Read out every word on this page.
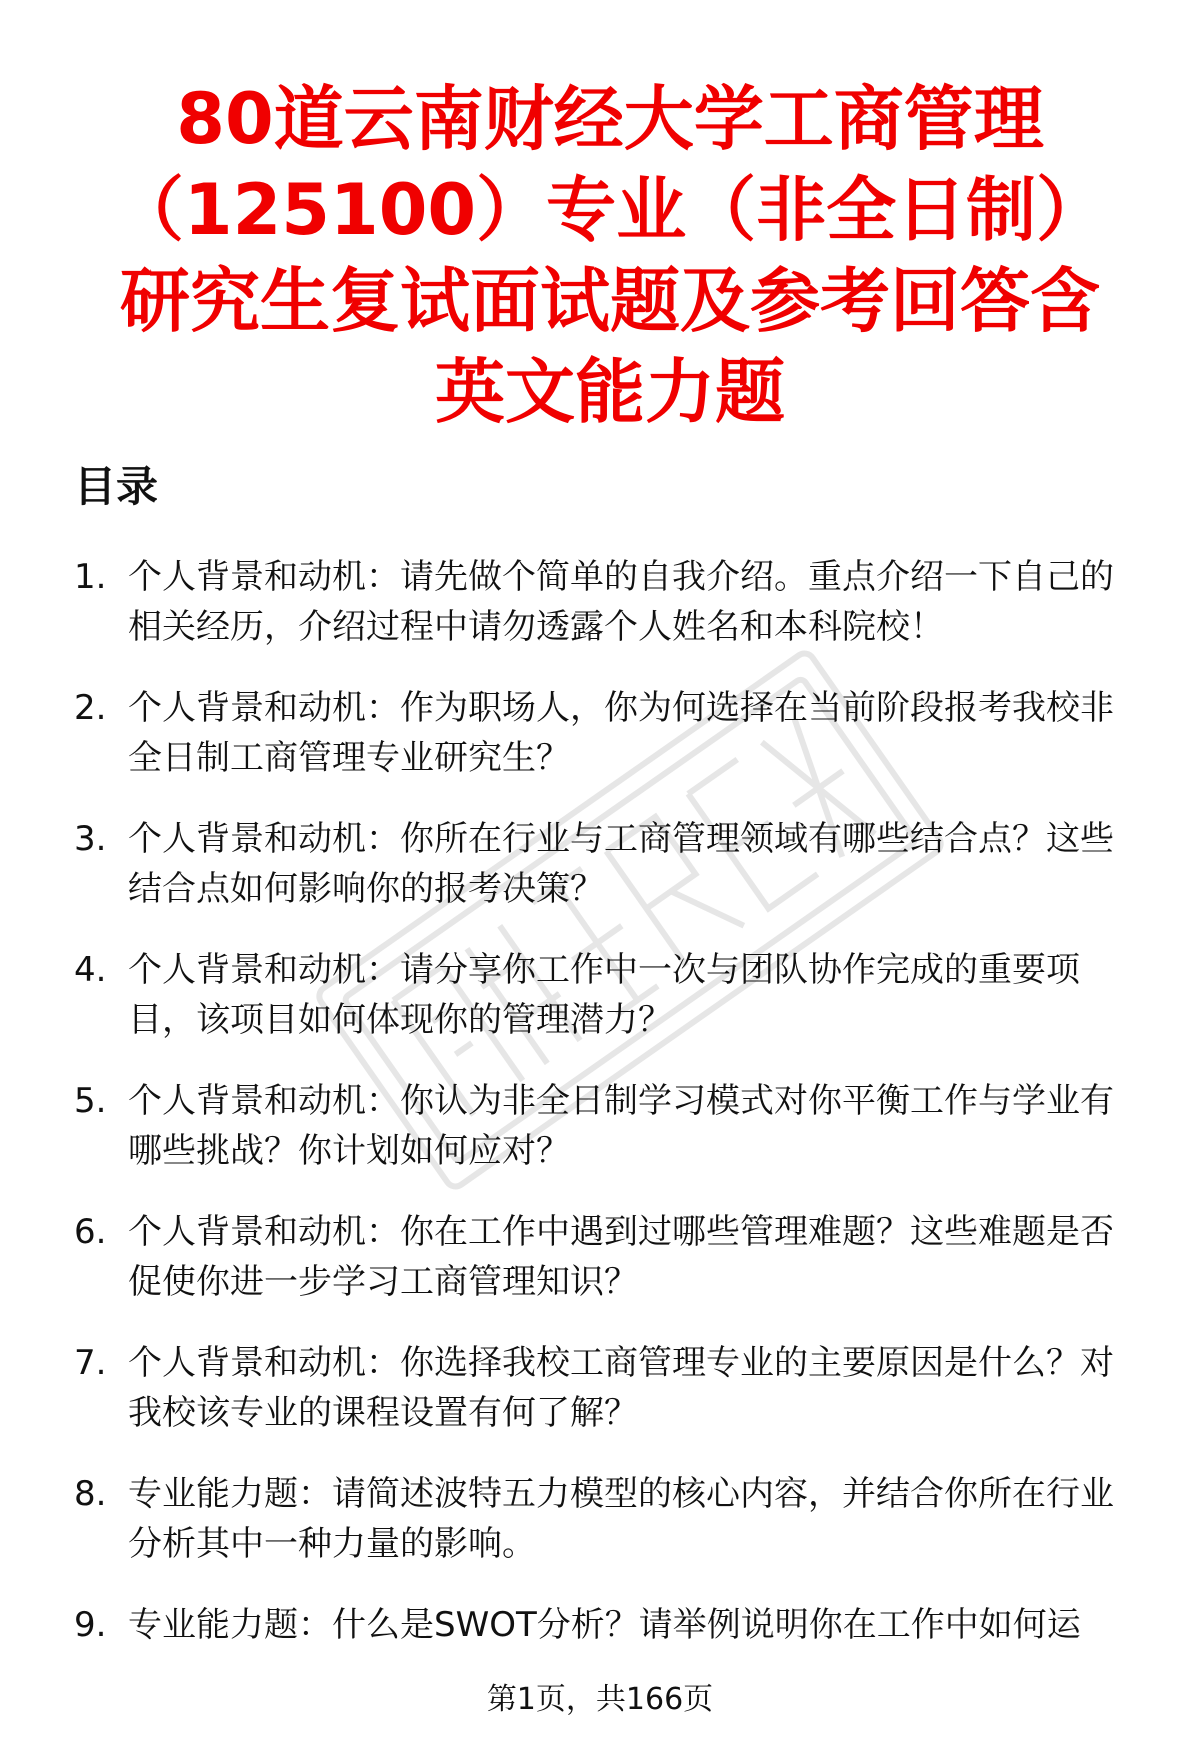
80道云南财经大学工商管理（125100）专业（非全日制）研究生复试面试题及参考回答含英文能力题
目录
1. 个人背景和动机：请先做个简单的自我介绍。重点介绍一下自己的相关经历，介绍过程中请勿透露个人姓名和本科院校！
2. 个人背景和动机：作为职场人，你为何选择在当前阶段报考我校非全日制工商管理专业研究生？
3. 个人背景和动机：你所在行业与工商管理领域有哪些结合点？这些结合点如何影响你的报考决策？
4. 个人背景和动机：请分享你工作中一次与团队协作完成的重要项目，该项目如何体现你的管理潜力？
5. 个人背景和动机：你认为非全日制学习模式对你平衡工作与学业有哪些挑战？你计划如何应对？
6. 个人背景和动机：你在工作中遇到过哪些管理难题？这些难题是否促使你进一步学习工商管理知识？
7. 个人背景和动机：你选择我校工商管理专业的主要原因是什么？对我校该专业的课程设置有何了解？
8. 专业能力题：请简述波特五力模型的核心内容，并结合你所在行业分析其中一种力量的影响。
9. 专业能力题：什么是SWOT分析？请举例说明你在工作中如何运
第1页，共166页
